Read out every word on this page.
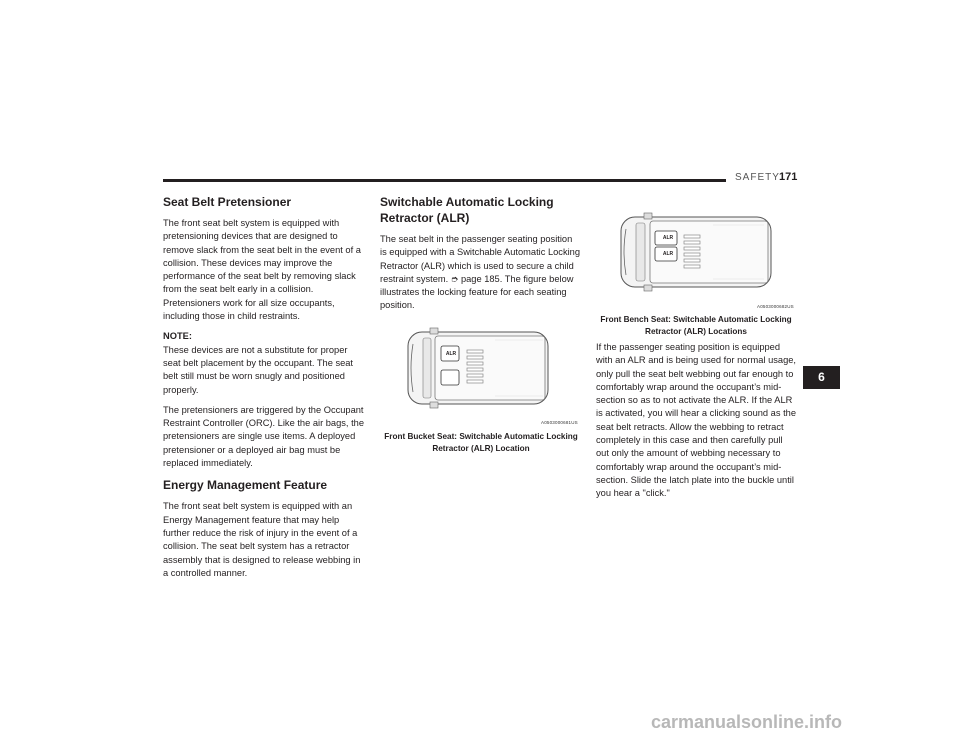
SAFETY 171
Seat Belt Pretensioner

The front seat belt system is equipped with pretensioning devices that are designed to remove slack from the seat belt in the event of a collision. These devices may improve the performance of the seat belt by removing slack from the seat belt early in a collision. Pretensioners work for all size occupants, including those in child restraints.

NOTE:
These devices are not a substitute for proper seat belt placement by the occupant. The seat belt still must be worn snugly and positioned properly.

The pretensioners are triggered by the Occupant Restraint Controller (ORC). Like the air bags, the pretensioners are single use items. A deployed pretensioner or a deployed air bag must be replaced immediately.

Energy Management Feature

The front seat belt system is equipped with an Energy Management feature that may help further reduce the risk of injury in the event of a collision. The seat belt system has a retractor assembly that is designed to release webbing in a controlled manner.

Switchable Automatic Locking Retractor (ALR)

The seat belt in the passenger seating position is equipped with a Switchable Automatic Locking Retractor (ALR) which is used to secure a child restraint system. ➮ page 185. The figure below illustrates the locking feature for each seating position.

ALR
A0503000681US
Front Bucket Seat: Switchable Automatic Locking Retractor (ALR) Location
ALR
ALR
A0503000682US
Front Bench Seat: Switchable Automatic Locking Retractor (ALR) Locations

If the passenger seating position is equipped with an ALR and is being used for normal usage, only pull the seat belt webbing out far enough to comfortably wrap around the occupant’s mid-section so as to not activate the ALR. If the ALR is activated, you will hear a clicking sound as the seat belt retracts. Allow the webbing to retract completely in this case and then carefully pull out only the amount of webbing necessary to comfortably wrap around the occupant’s mid-section. Slide the latch plate into the buckle until you hear a "click."

6
carmanualsonline.info
